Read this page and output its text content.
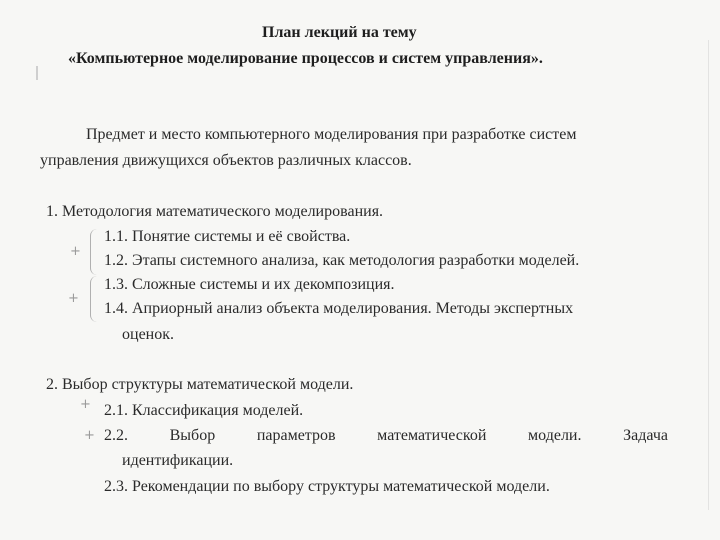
План лекций на тему
«Компьютерное моделирование процессов и систем управления».
Предмет и место компьютерного моделирования при разработке систем
управления движущихся объектов различных классов.
1. Методология математического моделирования.
+
1.1. Понятие системы и её свойства.
1.2. Этапы системного анализа, как методология разработки моделей.
+
1.3. Сложные системы и их декомпозиция.
1.4. Априорный анализ объекта моделирования. Методы экспертных
оценок.
2. Выбор структуры математической модели.
+ 2.1. Классификация моделей.
+ 2.2.	Выбор	параметров	математической	модели.	Задача
идентификации.
2.3. Рекомендации по выбору структуры математической модели.
